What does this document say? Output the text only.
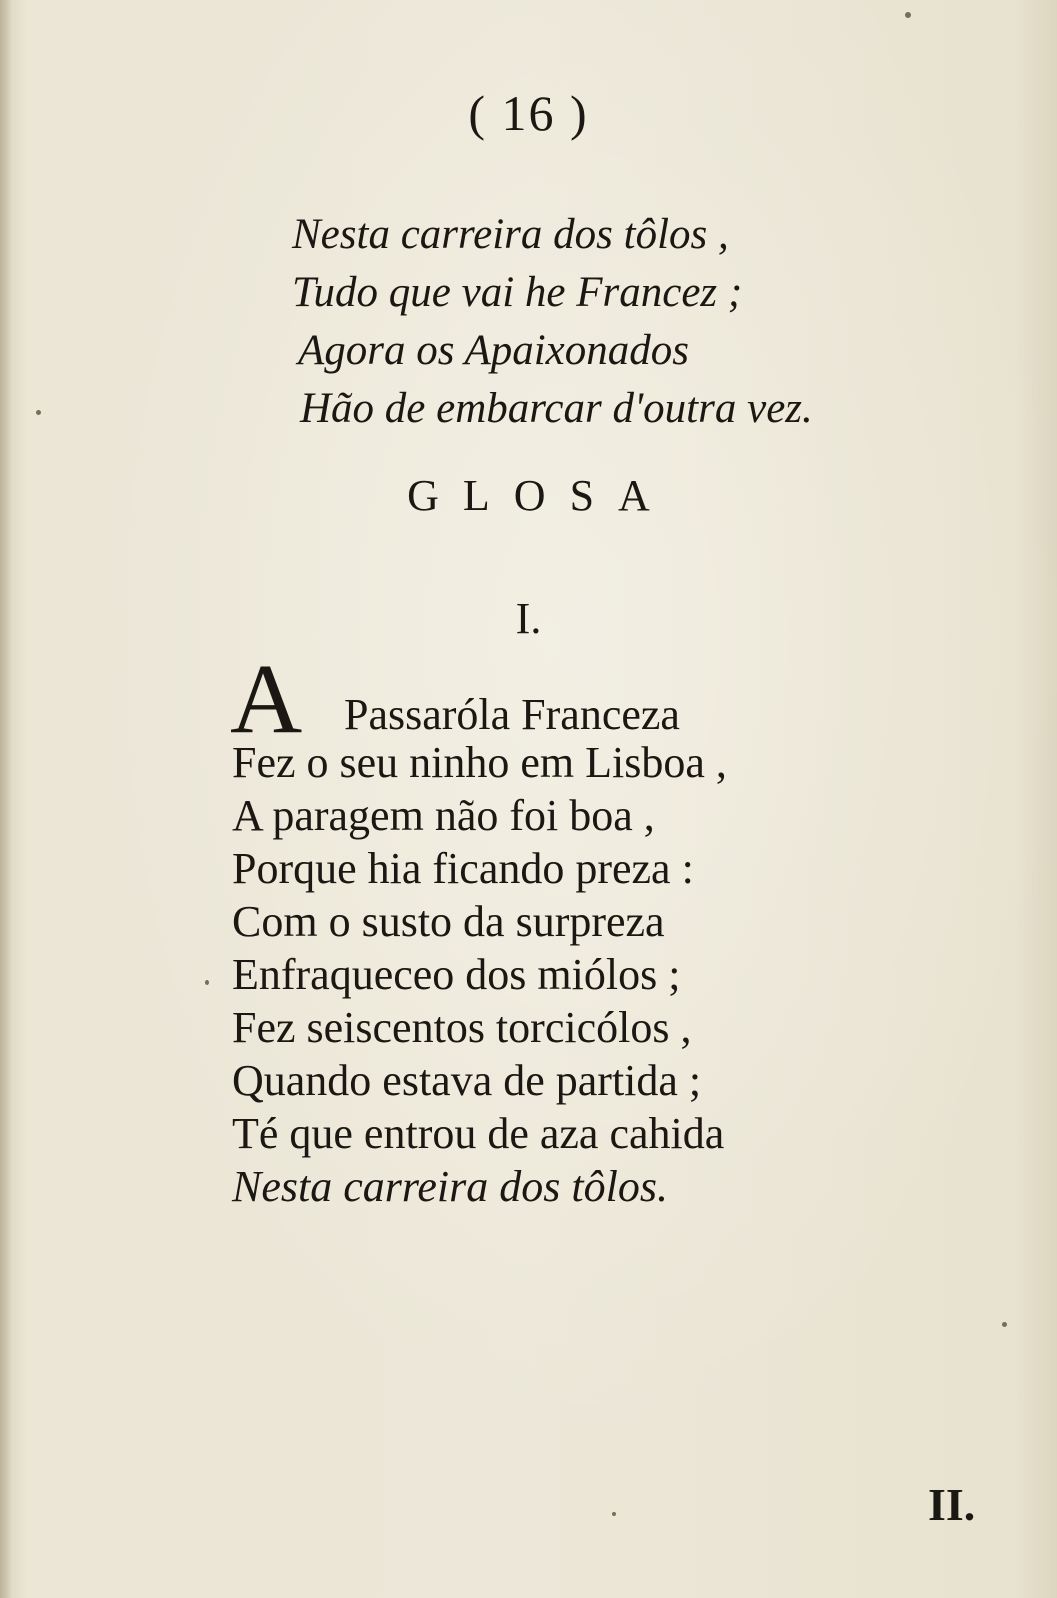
( 16 )
Nesta carreira dos tôlos ,
Tudo que vai he Francez ;
Agora os Apaixonados
Hão de embarcar d'outra vez.
GLOSA
I.
A Passaróla Franceza
Fez o seu ninho em Lisboa ,
A paragem não foi boa ,
Porque hia ficando preza :
Com o susto da surpreza
Enfraqueceo dos miólos ;
Fez seiscentos torcicólos ,
Quando estava de partida ;
Té que entrou de aza cahida
Nesta carreira dos tôlos.
II.
